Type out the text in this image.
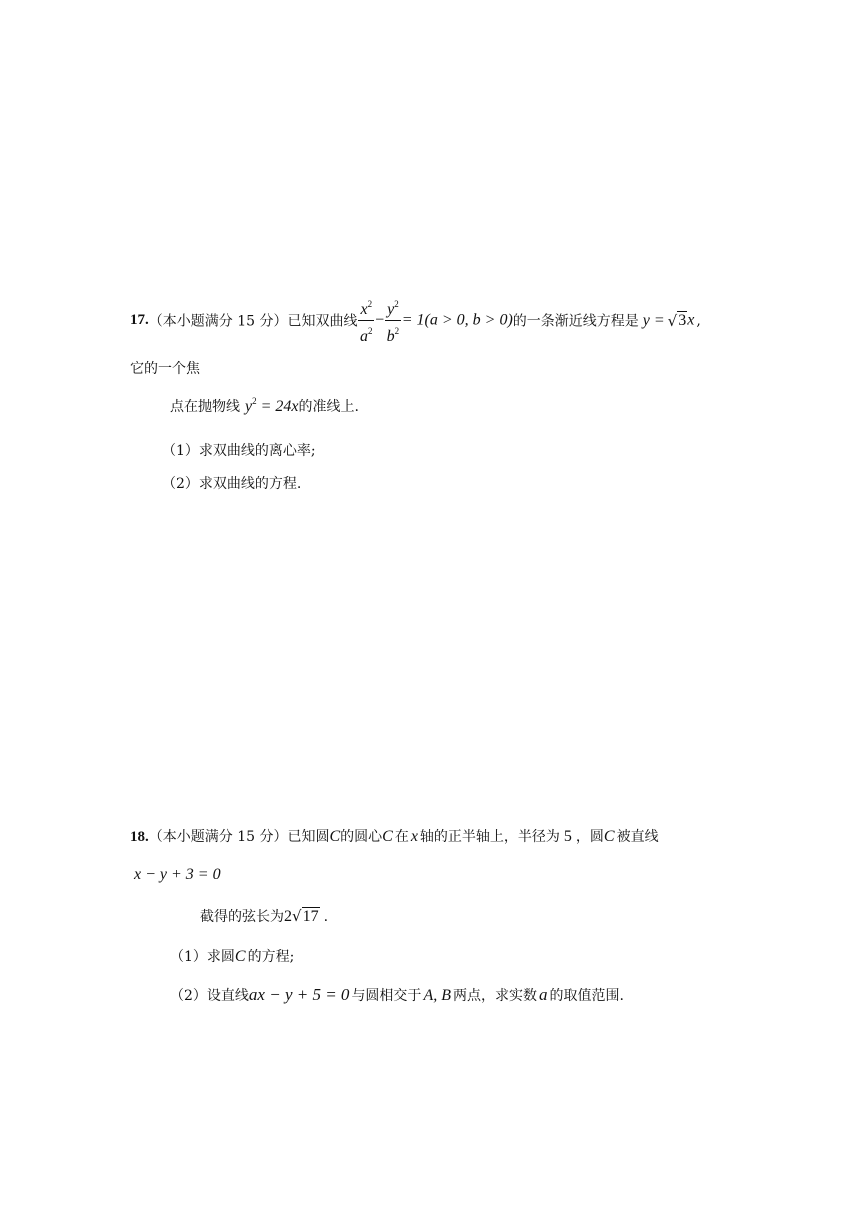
17.（本小题满分 15 分）已知双曲线 $\frac{x^2}{a^2} - \frac{y^2}{b^2} = 1(a > 0$, b > 0)的一条渐近线方程是 y = √3x ,
它的一个焦
点在抛物线 $y^2 = 24x$的准线上.
（1）求双曲线的离心率;
（2）求双曲线的方程.
18.（本小题满分 15 分）已知圆C的圆心C 在 x 轴的正半轴上，半径为 5 ，圆C 被直线
x − y + 3 = 0
截得的弦长为2√17 .
（1）求圆C 的方程;
（2）设直线ax − y + 5 = 0 与圆相交于 A, B 两点，求实数 a 的取值范围.
